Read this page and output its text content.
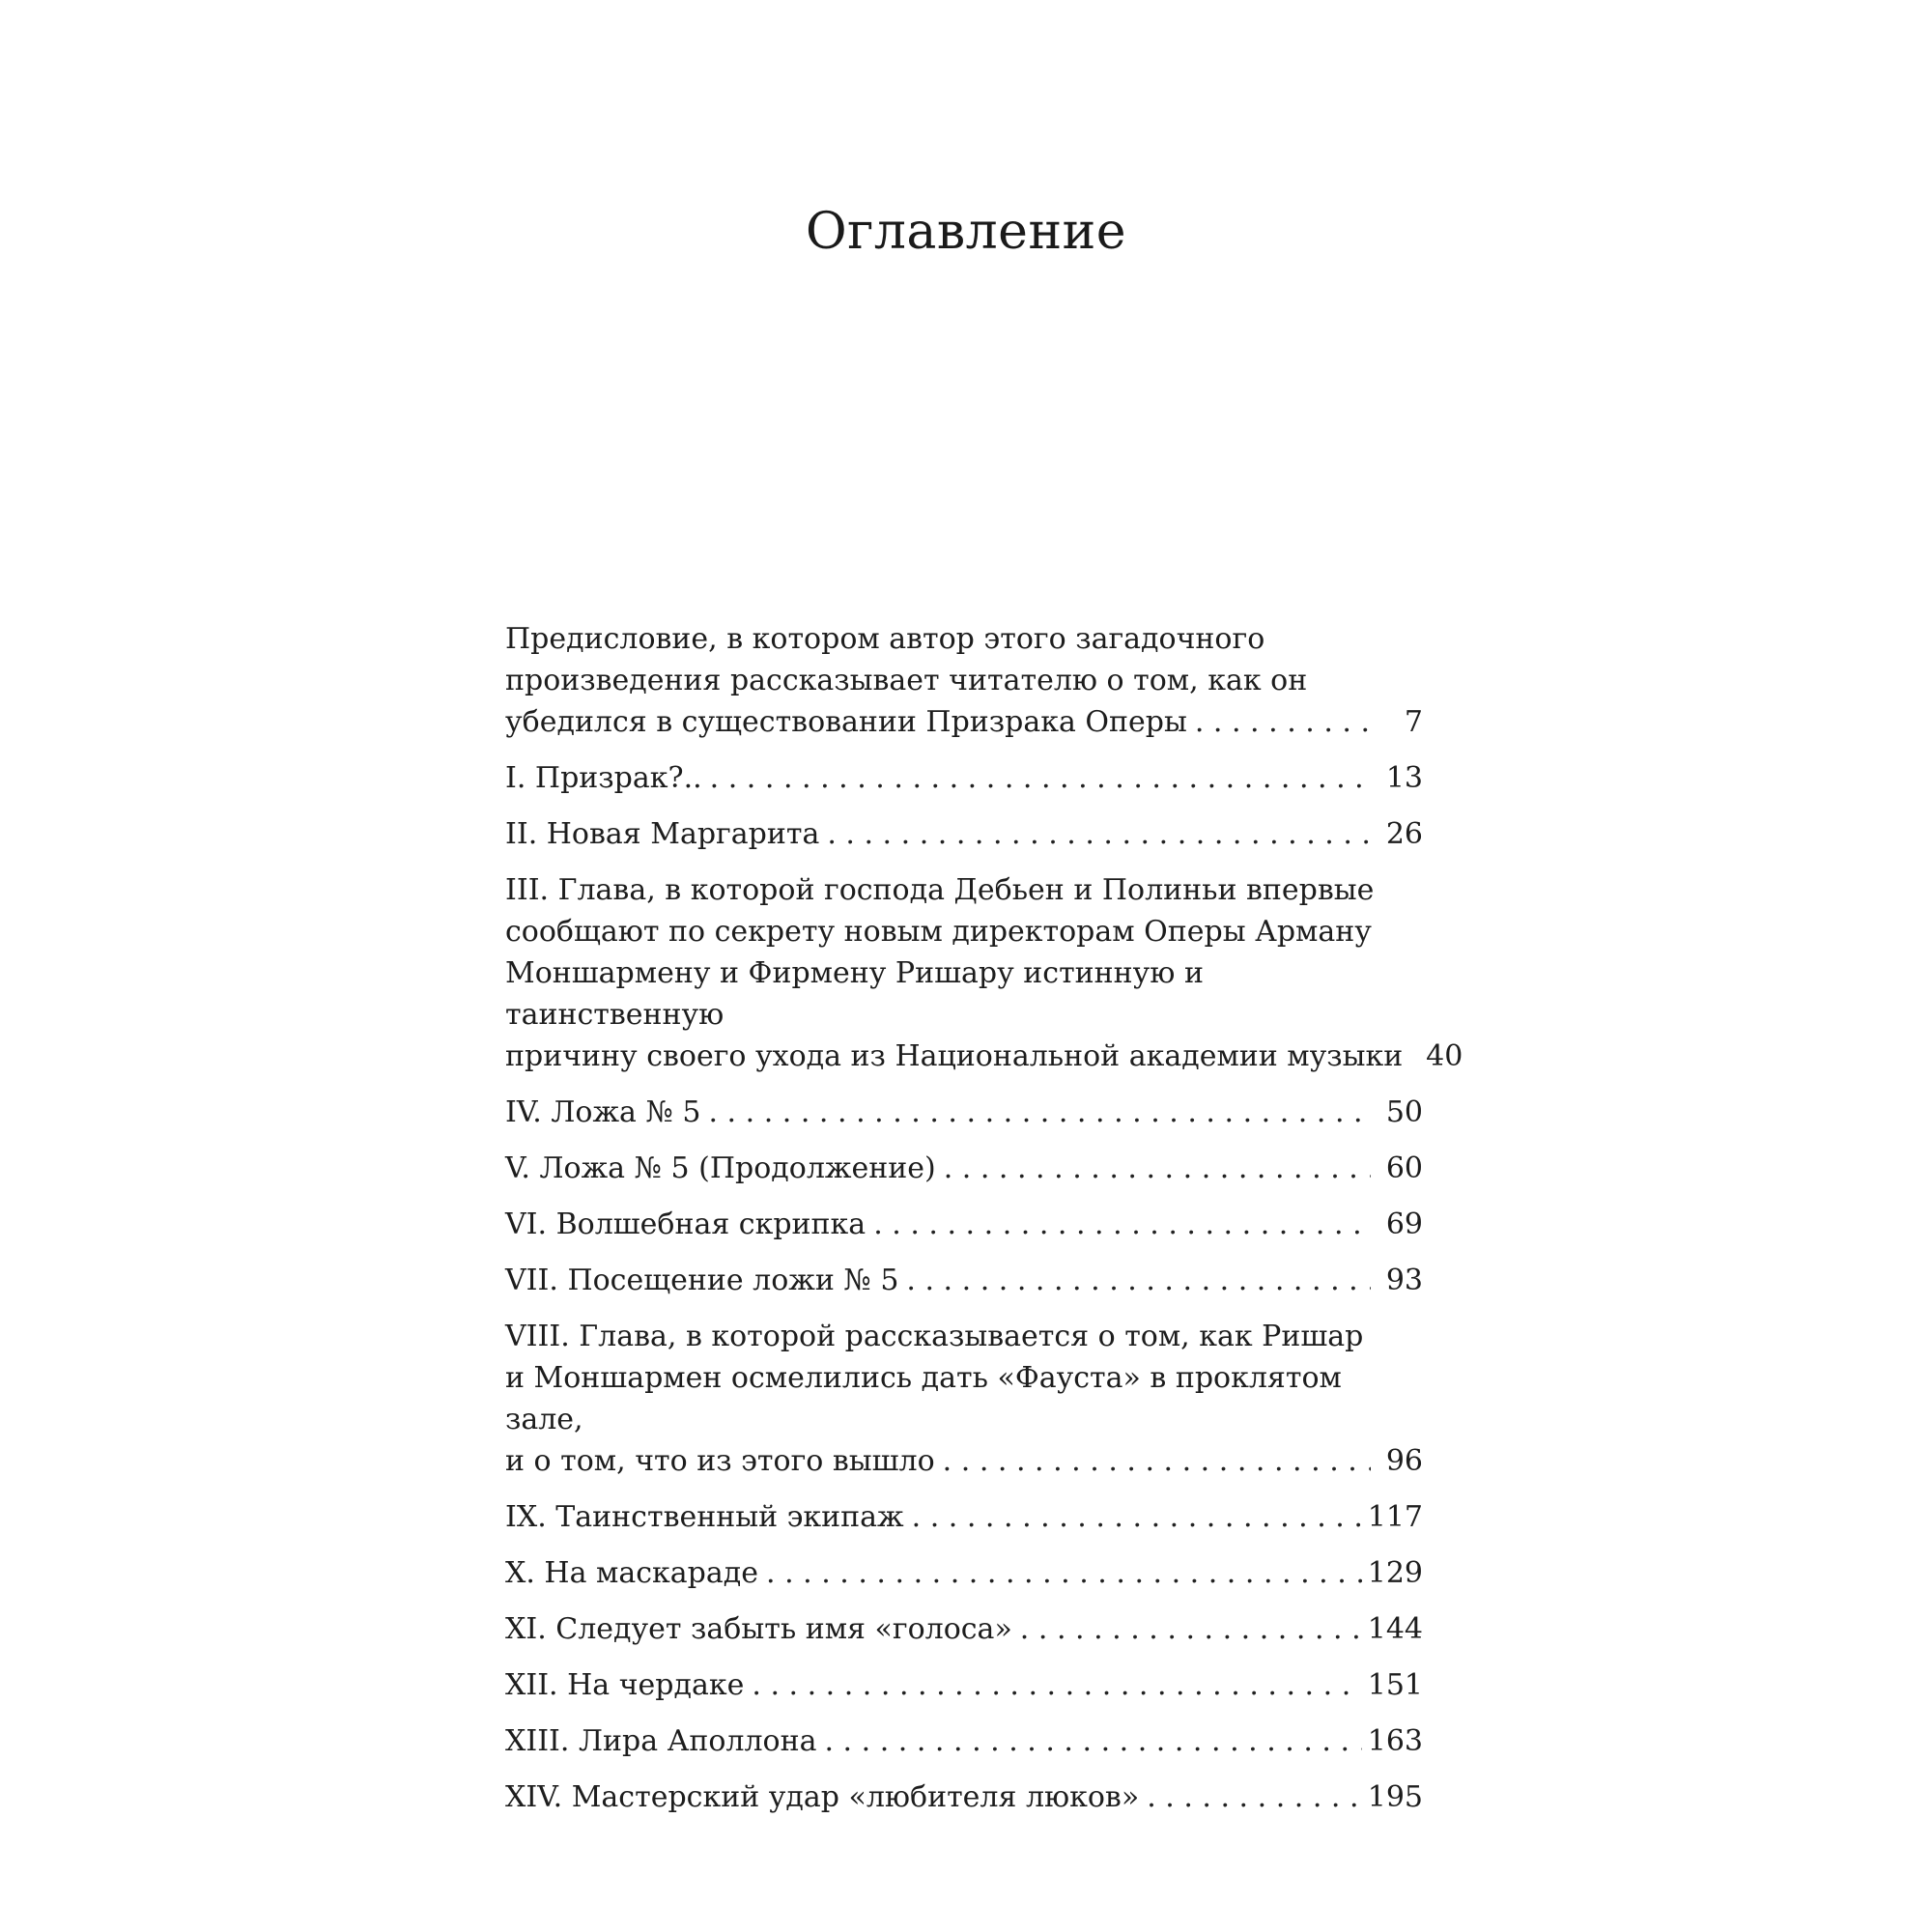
Оглавление
Предисловие, в котором автор этого загадочного
произведения рассказывает читателю о том, как он
убедился в существовании Призрака Оперы . . .	7
I. Призрак?.. . . .	13
II. Новая Маргарита . . .	26
III. Глава, в которой господа Дебьен и Полиньи впервые
сообщают по секрету новым директорам Оперы Арману
Моншармену и Фирмену Ришару истинную и таинственную
причину своего ухода из Национальной академии музыки . . . 40
IV. Ложа № 5 . . .	50
V. Ложа № 5 (Продолжение) . . .	60
VI. Волшебная скрипка . . .	69
VII. Посещение ложи № 5 . . .	93
VIII. Глава, в которой рассказывается о том, как Ришар
и Моншармен осмелились дать «Фауста» в проклятом зале,
и о том, что из этого вышло . . .	96
IX. Таинственный экипаж . . .	117
X. На маскараде . . .	129
XI. Следует забыть имя «голоса» . . .	144
XII. На чердаке . . .	151
XIII. Лира Аполлона . . .	163
XIV. Мастерский удар «любителя люков» . . .	195
